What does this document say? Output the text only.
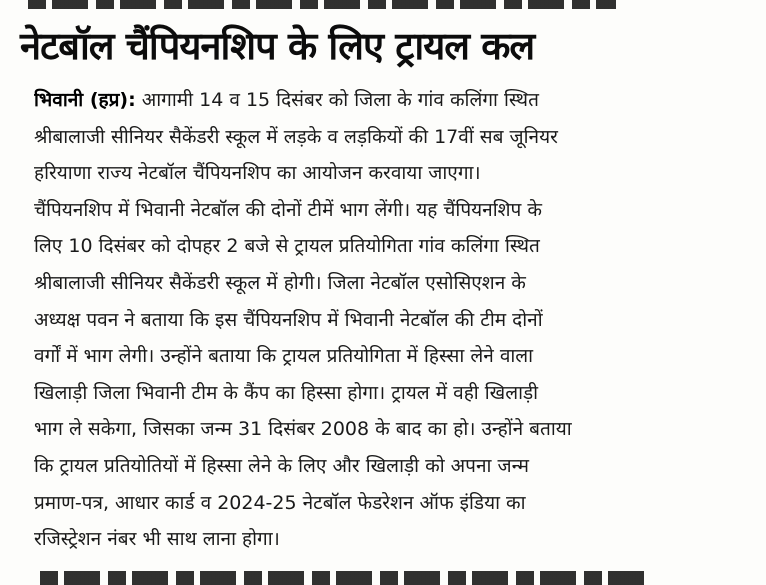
नेटबॉल चैंपियनशिप के लिए ट्रायल कल
भिवानी (हप्र): आगामी 14 व 15 दिसंबर को जिला के गांव कलिंगा स्थित
श्रीबालाजी सीनियर सैकेंडरी स्कूल में लड़के व लड़कियों की 17वीं सब जूनियर
हरियाणा राज्य नेटबॉल चैंपियनशिप का आयोजन करवाया जाएगा।
चैंपियनशिप में भिवानी नेटबॉल की दोनों टीमें भाग लेंगी। यह चैंपियनशिप के
लिए 10 दिसंबर को दोपहर 2 बजे से ट्रायल प्रतियोगिता गांव कलिंगा स्थित
श्रीबालाजी सीनियर सैकेंडरी स्कूल में होगी। जिला नेटबॉल एसोसिएशन के
अध्यक्ष पवन ने बताया कि इस चैंपियनशिप में भिवानी नेटबॉल की टीम दोनों
वर्गों में भाग लेगी। उन्होंने बताया कि ट्रायल प्रतियोगिता में हिस्सा लेने वाला
खिलाड़ी जिला भिवानी टीम के कैंप का हिस्सा होगा। ट्रायल में वही खिलाड़ी
भाग ले सकेगा, जिसका जन्म 31 दिसंबर 2008 के बाद का हो। उन्होंने बताया
कि ट्रायल प्रतियोतियों में हिस्सा लेने के लिए और खिलाड़ी को अपना जन्म
प्रमाण-पत्र, आधार कार्ड व 2024-25 नेटबॉल फेडरेशन ऑफ इंडिया का
रजिस्ट्रेशन नंबर भी साथ लाना होगा।
